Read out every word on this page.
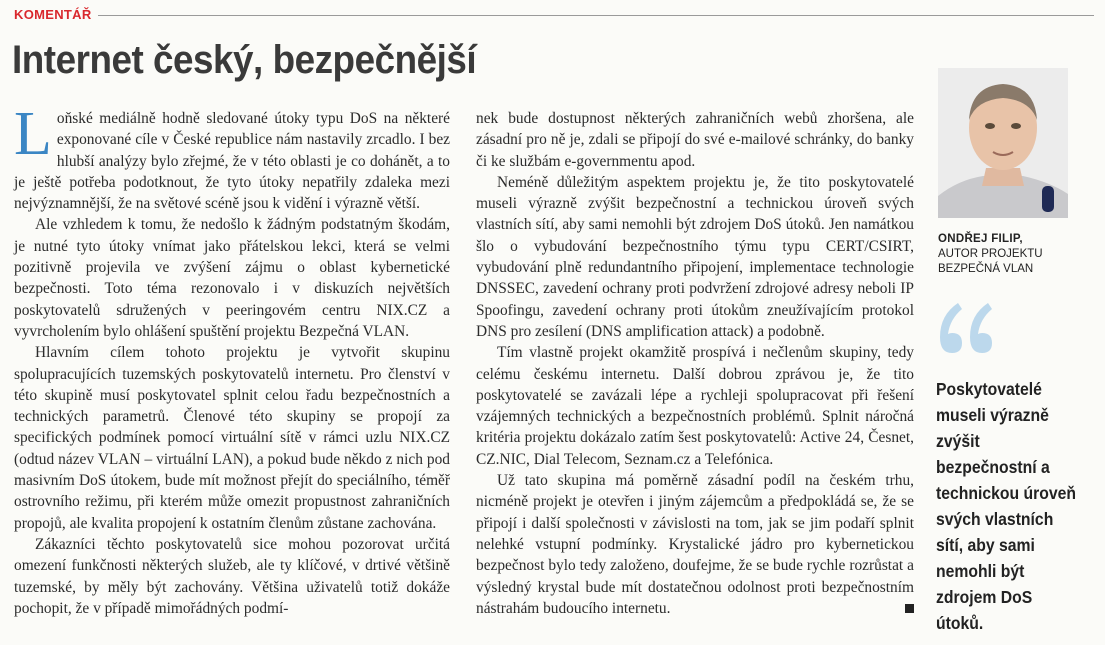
KOMENTÁŘ
Internet český, bezpečnější

Loňské mediálně hodně sledované útoky typu DoS na některé exponované cíle v České republice nám nastavily zrcadlo. I bez hlubší analýzy bylo zřejmé, že v této oblasti je co dohánět, a to je ještě potřeba podotknout, že tyto útoky nepatřily zdaleka mezi nejvýznamnější, že na světové scéně jsou k vidění i výrazně větší.

Ale vzhledem k tomu, že nedošlo k žádným podstatným škodám, je nutné tyto útoky vnímat jako přátelskou lekci, která se velmi pozitivně projevila ve zvýšení zájmu o oblast kybernetické bezpečnosti. Toto téma rezonovalo i v diskuzích největších poskytovatelů sdružených v peeringovém centru NIX.CZ a vyvrcholením bylo ohlášení spuštění projektu Bezpečná VLAN.

Hlavním cílem tohoto projektu je vytvořit skupinu spolupracujících tuzemských poskytovatelů internetu. Pro členství v této skupině musí poskytovatel splnit celou řadu bezpečnostních a technických parametrů. Členové této skupiny se propojí za specifických podmínek pomocí virtuální sítě v rámci uzlu NIX.CZ (odtud název VLAN – virtuální LAN), a pokud bude někdo z nich pod masivním DoS útokem, bude mít možnost přejít do speciálního, téměř ostrovního režimu, při kterém může omezit propustnost zahraničních propojů, ale kvalita propojení k ostatním členům zůstane zachována.

Zákazníci těchto poskytovatelů sice mohou pozorovat určitá omezení funkčnosti některých služeb, ale ty klíčové, v drtivé většině tuzemské, by měly být zachovány. Většina uživatelů totiž dokáže pochopit, že v případě mimořádných podmí-

nek bude dostupnost některých zahraničních webů zhoršena, ale zásadní pro ně je, zdali se připojí do své e-mailové schránky, do banky či ke službám e-governmentu apod.

Neméně důležitým aspektem projektu je, že tito poskytovatelé museli výrazně zvýšit bezpečnostní a technickou úroveň svých vlastních sítí, aby sami nemohli být zdrojem DoS útoků. Jen namátkou šlo o vybudování bezpečnostního týmu typu CERT/CSIRT, vybudování plně redundantního připojení, implementace technologie DNSSEC, zavedení ochrany proti podvržení zdrojové adresy neboli IP Spoofingu, zavedení ochrany proti útokům zneužívajícím protokol DNS pro zesílení (DNS amplification attack) a podobně.

Tím vlastně projekt okamžitě prospívá i nečlenům skupiny, tedy celému českému internetu. Další dobrou zprávou je, že tito poskytovatelé se zavázali lépe a rychleji spolupracovat při řešení vzájemných technických a bezpečnostních problémů. Splnit náročná kritéria projektu dokázalo zatím šest poskytovatelů: Active 24, Česnet, CZ.NIC, Dial Telecom, Seznam.cz a Telefónica.

Už tato skupina má poměrně zásadní podíl na českém trhu, nicméně projekt je otevřen i jiným zájemcům a předpokládá se, že se připojí i další společnosti v závislosti na tom, jak se jim podaří splnit nelehké vstupní podmínky. Krystalické jádro pro kybernetickou bezpečnost bylo tedy založeno, doufejme, že se bude rychle rozrůstat a výsledný krystal bude mít dostatečnou odolnost proti bezpečnostním nástrahám budoucího internetu.

ONDŘEJ FILIP,
AUTOR PROJEKTU
BEZPEČNÁ VLAN
Poskytovatelé museli výrazně zvýšit bezpečnostní a technickou úroveň svých vlastních sítí, aby sami nemohli být zdrojem DoS útoků.
